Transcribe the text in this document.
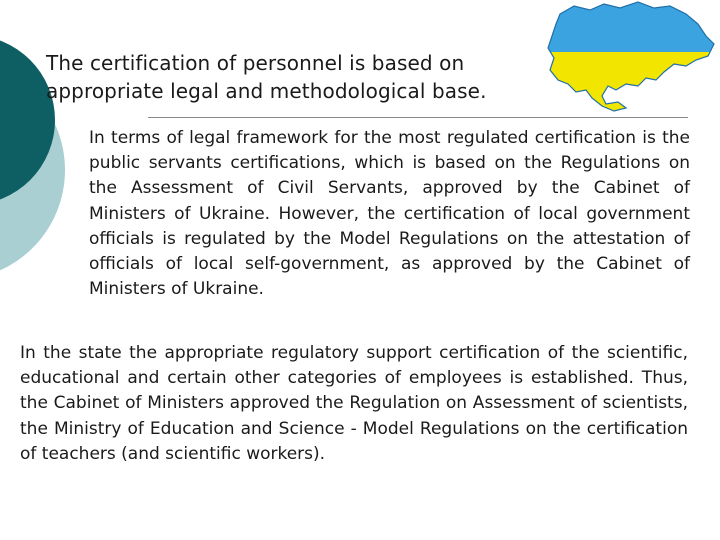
The certification of personnel is based on appropriate legal and methodological base.

In terms of legal framework for the most regulated certification is the public servants certifications, which is based on the Regulations on the Assessment of Civil Servants, approved by the Cabinet of Ministers of Ukraine. However, the certification of local government officials is regulated by the Model Regulations on the attestation of officials of local self-government, as approved by the Cabinet of Ministers of Ukraine.

In the state the appropriate regulatory support certification of the scientific, educational and certain other categories of employees is established. Thus, the Cabinet of Ministers approved the Regulation on Assessment of scientists, the Ministry of Education and Science - Model Regulations on the certification of teachers (and scientific workers).
